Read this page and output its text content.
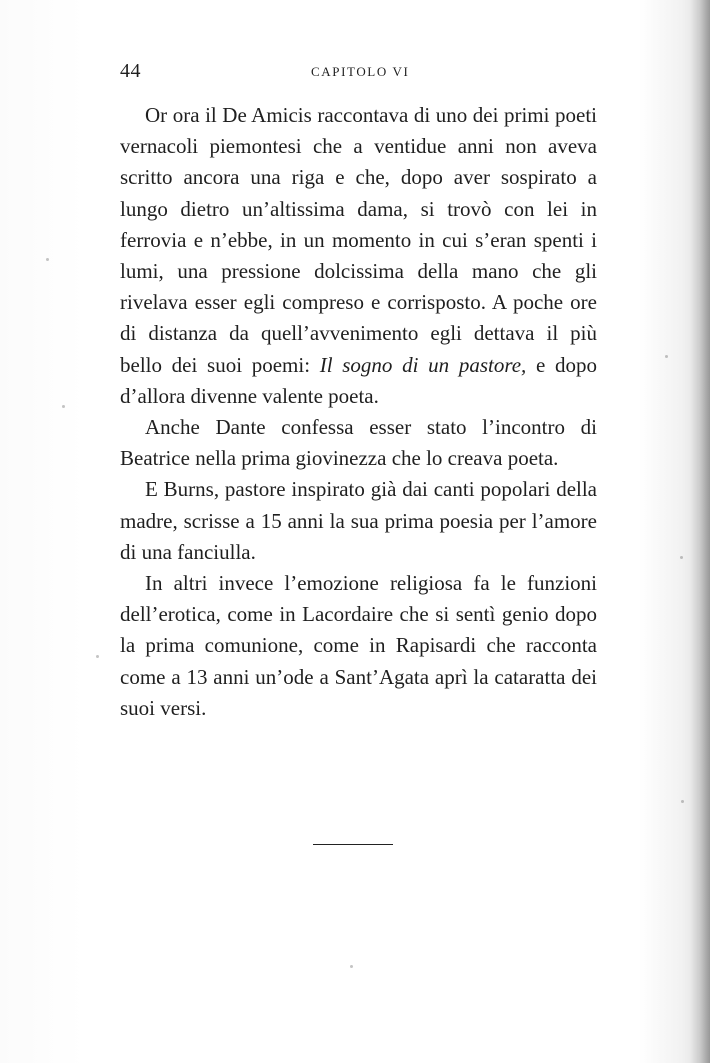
44	CAPITOLO VI

Or ora il De Amicis raccontava di uno dei primi poeti vernacoli piemontesi che a ventidue anni non aveva scritto ancora una riga e che, dopo aver sospirato a lungo dietro un’altissima dama, si trovò con lei in ferrovia e n’ebbe, in un momento in cui s’eran spenti i lumi, una pressione dolcissima della mano che gli rivelava esser egli compreso e corrisposto. A poche ore di distanza da quell’avvenimento egli dettava il più bello dei suoi poemi: Il sogno di un pastore, e dopo d’allora divenne valente poeta.

Anche Dante confessa esser stato l’incontro di Beatrice nella prima giovinezza che lo creava poeta.

E Burns, pastore inspirato già dai canti popolari della madre, scrisse a 15 anni la sua prima poesia per l’amore di una fanciulla.

In altri invece l’emozione religiosa fa le funzioni dell’erotica, come in Lacordaire che si sentì genio dopo la prima comunione, come in Rapisardi che racconta come a 13 anni un’ode a Sant’Agata aprì la cataratta dei suoi versi.
